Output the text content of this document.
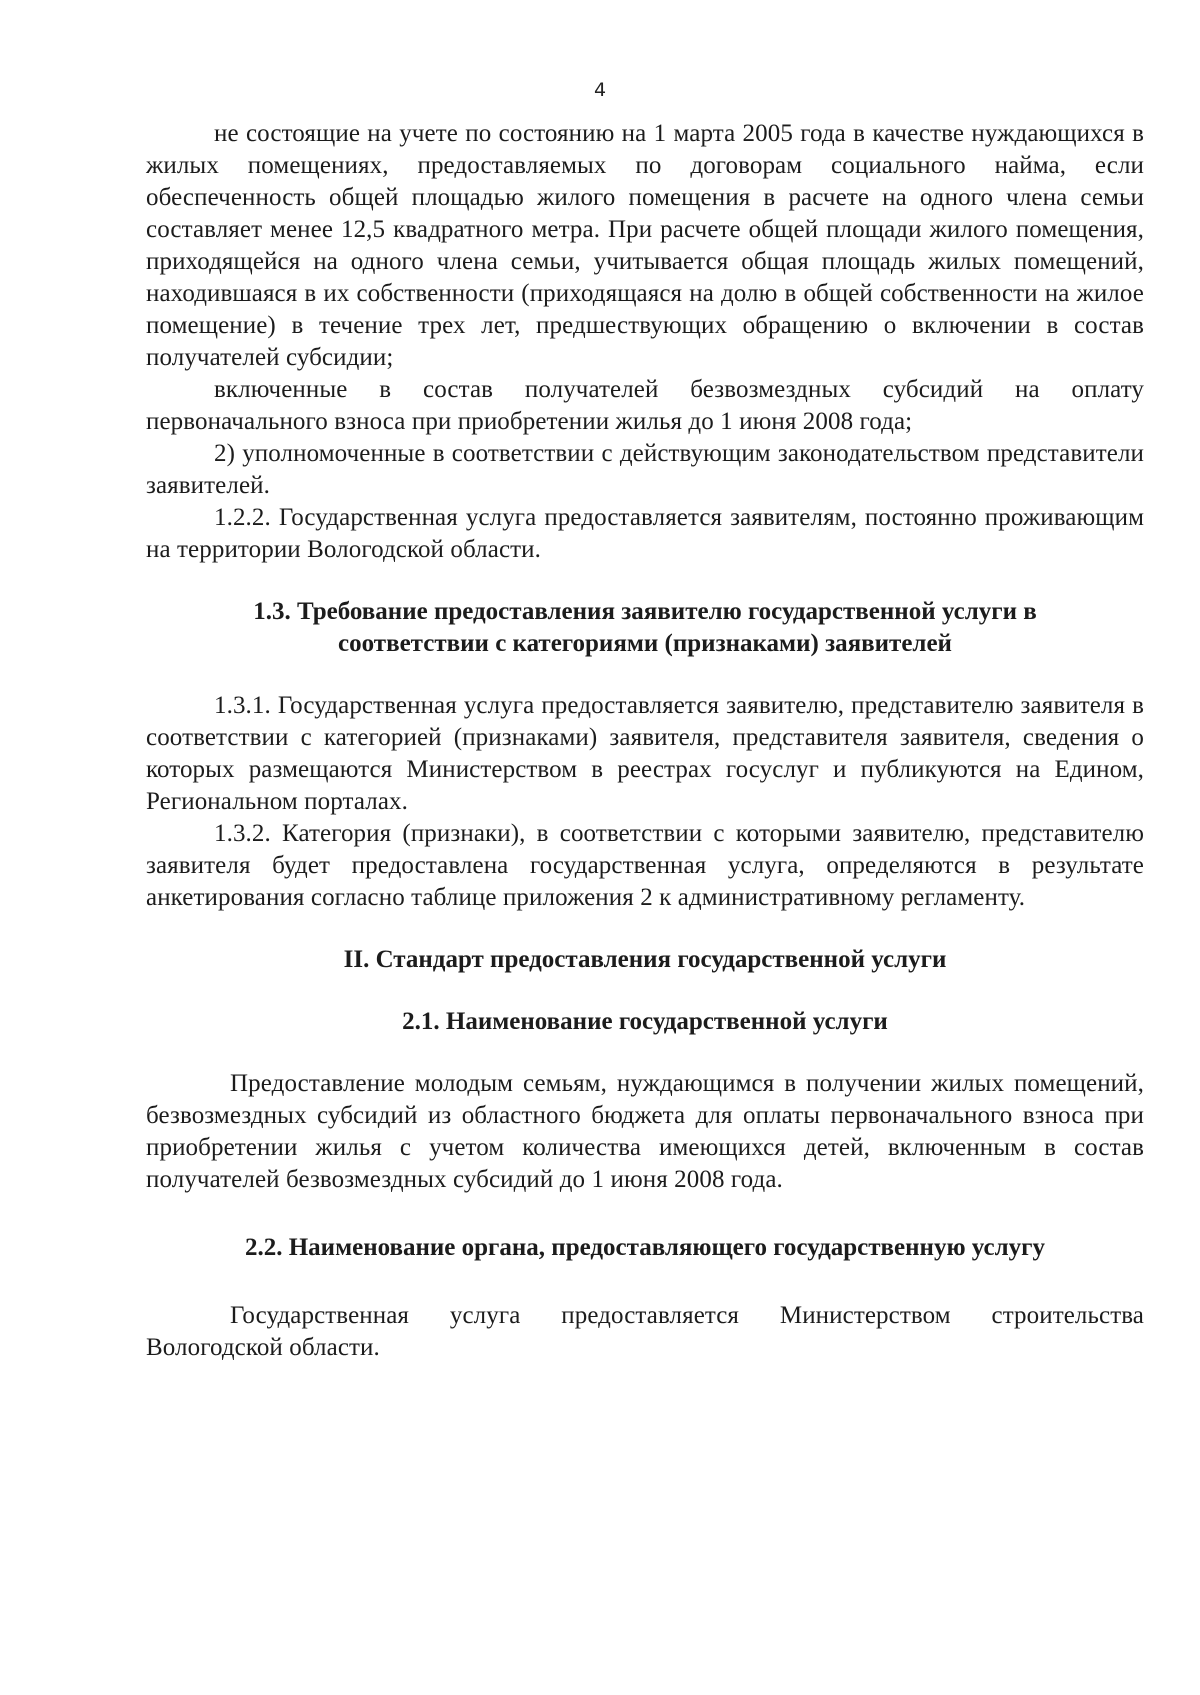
4

не состоящие на учете по состоянию на 1 марта 2005 года в качестве нуждающихся в жилых помещениях, предоставляемых по договорам социального найма, если обеспеченность общей площадью жилого помещения в расчете на одного члена семьи составляет менее 12,5 квадратного метра. При расчете общей площади жилого помещения, приходящейся на одного члена семьи, учитывается общая площадь жилых помещений, находившаяся в их собственности (приходящаяся на долю в общей собственности на жилое помещение) в течение трех лет, предшествующих обращению о включении в состав получателей субсидии;

включенные в состав получателей безвозмездных субсидий на оплату первоначального взноса при приобретении жилья до 1 июня 2008 года;

2) уполномоченные в соответствии с действующим законодательством представители заявителей.

1.2.2. Государственная услуга предоставляется заявителям, постоянно проживающим на территории Вологодской области.

1.3. Требование предоставления заявителю государственной услуги в

соответствии с категориями (признаками) заявителей

1.3.1. Государственная услуга предоставляется заявителю, представителю заявителя в соответствии с категорией (признаками) заявителя, представителя заявителя, сведения о которых размещаются Министерством в реестрах госуслуг и публикуются на Едином, Региональном порталах.

1.3.2. Категория (признаки), в соответствии с которыми заявителю, представителю заявителя будет предоставлена государственная услуга, определяются в результате анкетирования согласно таблице приложения 2 к административному регламенту.

II. Стандарт предоставления государственной услуги

2.1. Наименование государственной услуги

Предоставление молодым семьям, нуждающимся в получении жилых помещений, безвозмездных субсидий из областного бюджета для оплаты первоначального взноса при приобретении жилья с учетом количества имеющихся детей, включенным в состав получателей безвозмездных субсидий до 1 июня 2008 года.

2.2. Наименование органа, предоставляющего государственную услугу

Государственная услуга предоставляется Министерством строительства Вологодской области.
